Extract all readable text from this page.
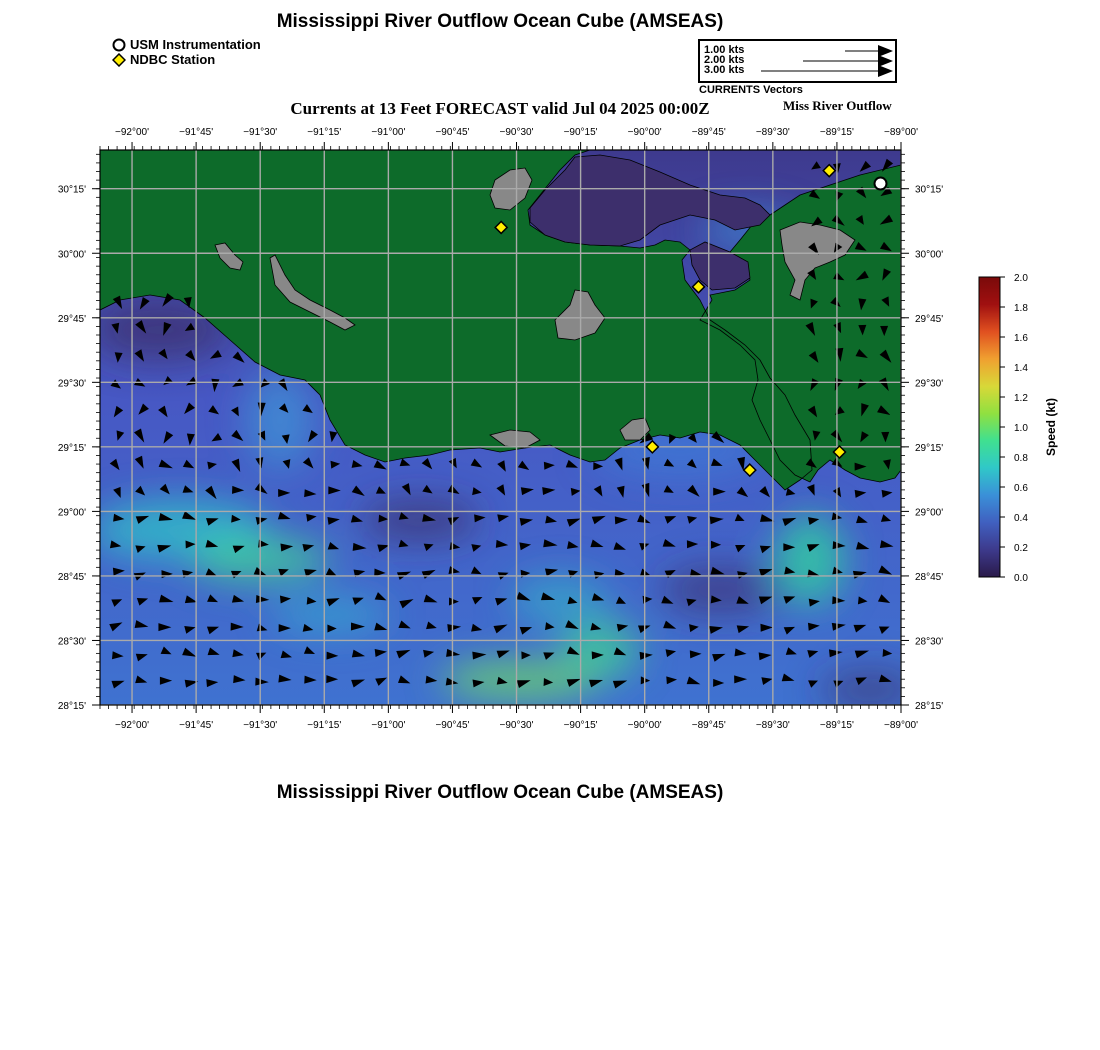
Mississippi River Outflow Ocean Cube (AMSEAS)
USM Instrumentation
NDBC Station
1.00 kts
2.00 kts
3.00 kts
CURRENTS Vectors
Currents at 13 Feet FORECAST valid Jul 04 2025 00:00Z	Miss River Outflow
−92°00'	−91°45'	−91°30'	−91°15'	−91°00'	−90°45'	−90°30'	−90°15'	−90°00'	−89°45'	−89°30'	−89°15'	−89°00'
−92°00'	−91°45'	−91°30'	−91°15'	−91°00'	−90°45'	−90°30'	−90°15'	−90°00'	−89°45'	−89°30'	−89°15'	−89°00'
30°15'
30°00'
29°45'
29°30'
29°15'
29°00'
28°45'
28°30'
28°15'
30°15'
30°00'
29°45'
29°30'
29°15'
29°00'
28°45'
28°30'
28°15'
2.0
1.8
1.6
1.4
1.2
1.0
0.8
0.6
0.4
0.2
0.0
Speed (kt)
Mississippi River Outflow Ocean Cube (AMSEAS)
